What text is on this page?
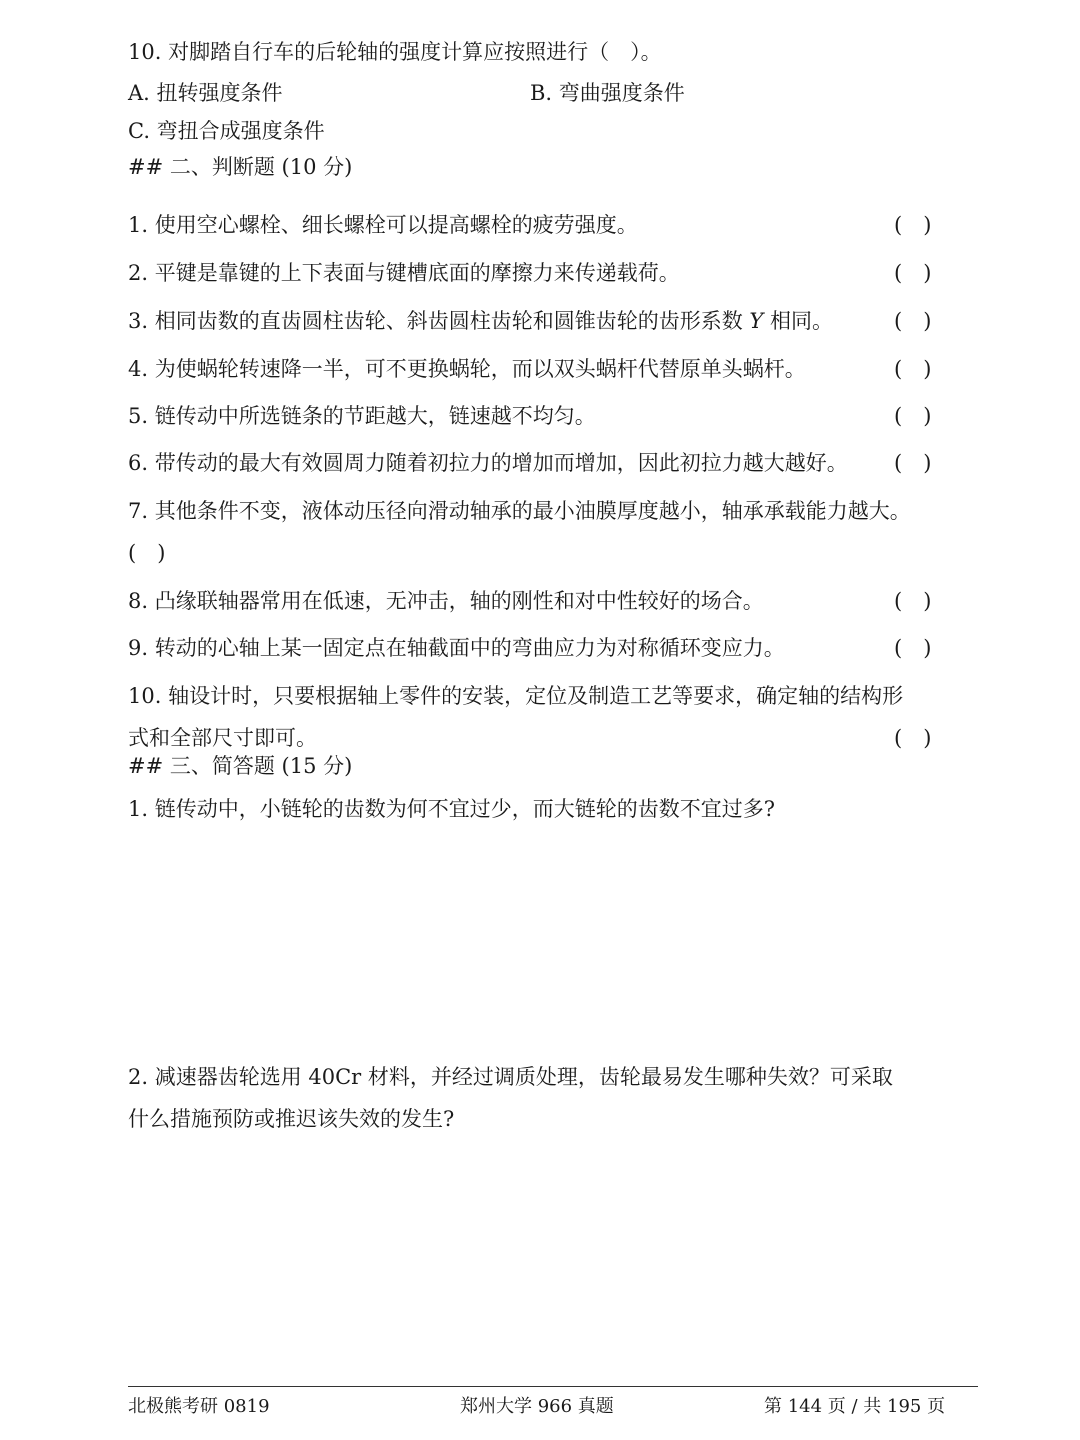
10. 对脚踏自行车的后轮轴的强度计算应按照进行（　）。
A. 扭转强度条件	B. 弯曲强度条件
C. 弯扭合成强度条件
## 二、判断题 (10 分)
1. 使用空心螺栓、细长螺栓可以提高螺栓的疲劳强度。	(　)
2. 平键是靠键的上下表面与键槽底面的摩擦力来传递载荷。	(　)
3. 相同齿数的直齿圆柱齿轮、斜齿圆柱齿轮和圆锥齿轮的齿形系数 Y 相同。	(　)
4. 为使蜗轮转速降一半，可不更换蜗轮，而以双头蜗杆代替原单头蜗杆。	(　)
5. 链传动中所选链条的节距越大，链速越不均匀。	(　)
6. 带传动的最大有效圆周力随着初拉力的增加而增加，因此初拉力越大越好。 (　)
7. 其他条件不变，液体动压径向滑动轴承的最小油膜厚度越小，轴承承载能力越大。
(　)
8. 凸缘联轴器常用在低速，无冲击，轴的刚性和对中性较好的场合。	(　)
9. 转动的心轴上某一固定点在轴截面中的弯曲应力为对称循环变应力。	(　)
10. 轴设计时，只要根据轴上零件的安装，定位及制造工艺等要求，确定轴的结构形
式和全部尺寸即可。	(　)
## 三、简答题 (15 分)
1. 链传动中，小链轮的齿数为何不宜过少，而大链轮的齿数不宜过多?
2. 减速器齿轮选用 40Cr 材料，并经过调质处理，齿轮最易发生哪种失效？可采取
什么措施预防或推迟该失效的发生?
北极熊考研 0819	郑州大学 966 真题	第 144 页 / 共 195 页
